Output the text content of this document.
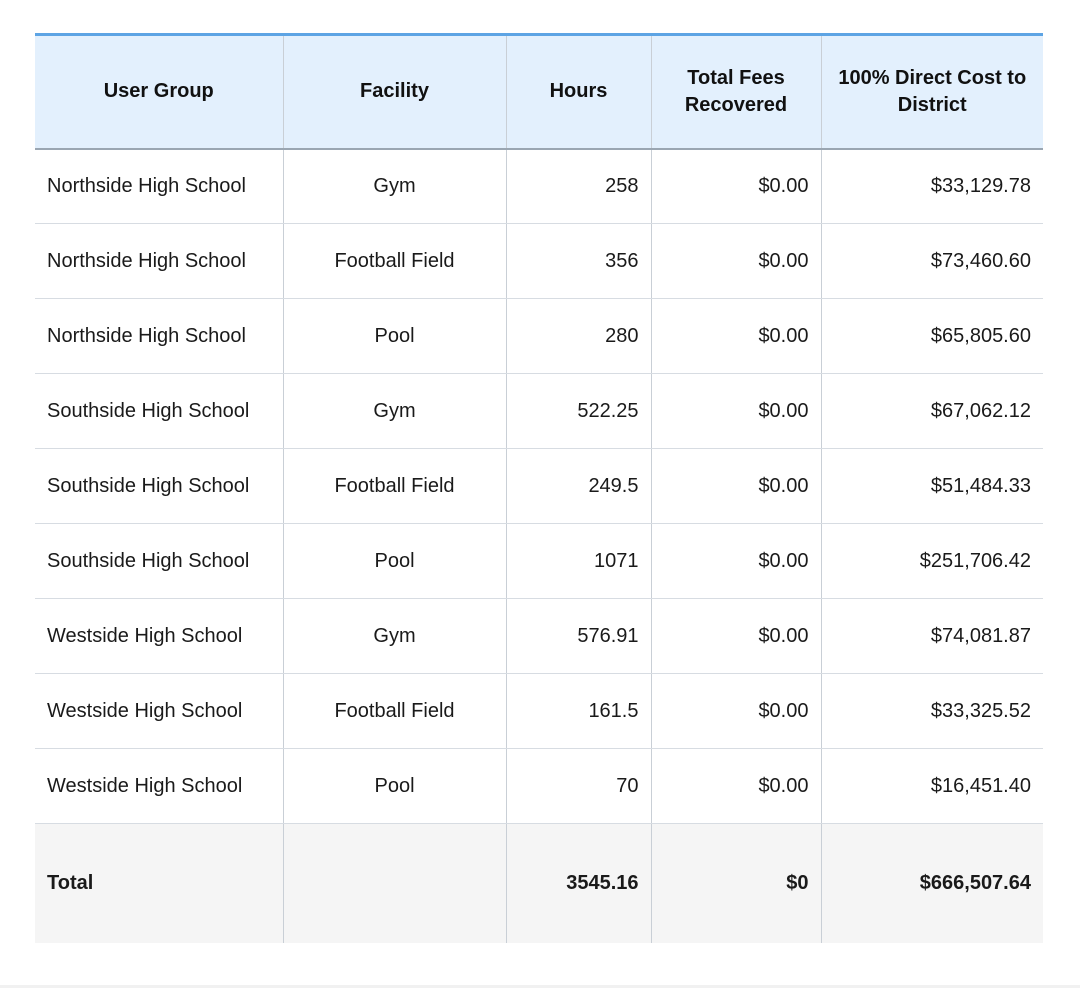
User Group	Facility	Hours	Total Fees Recovered	100% Direct Cost to District
Northside High School	Gym	258	$0.00	$33,129.78
Northside High School	Football Field	356	$0.00	$73,460.60
Northside High School	Pool	280	$0.00	$65,805.60
Southside High School	Gym	522.25	$0.00	$67,062.12
Southside High School	Football Field	249.5	$0.00	$51,484.33
Southside High School	Pool	1071	$0.00	$251,706.42
Westside High School	Gym	576.91	$0.00	$74,081.87
Westside High School	Football Field	161.5	$0.00	$33,325.52
Westside High School	Pool	70	$0.00	$16,451.40
Total		3545.16	$0	$666,507.64
